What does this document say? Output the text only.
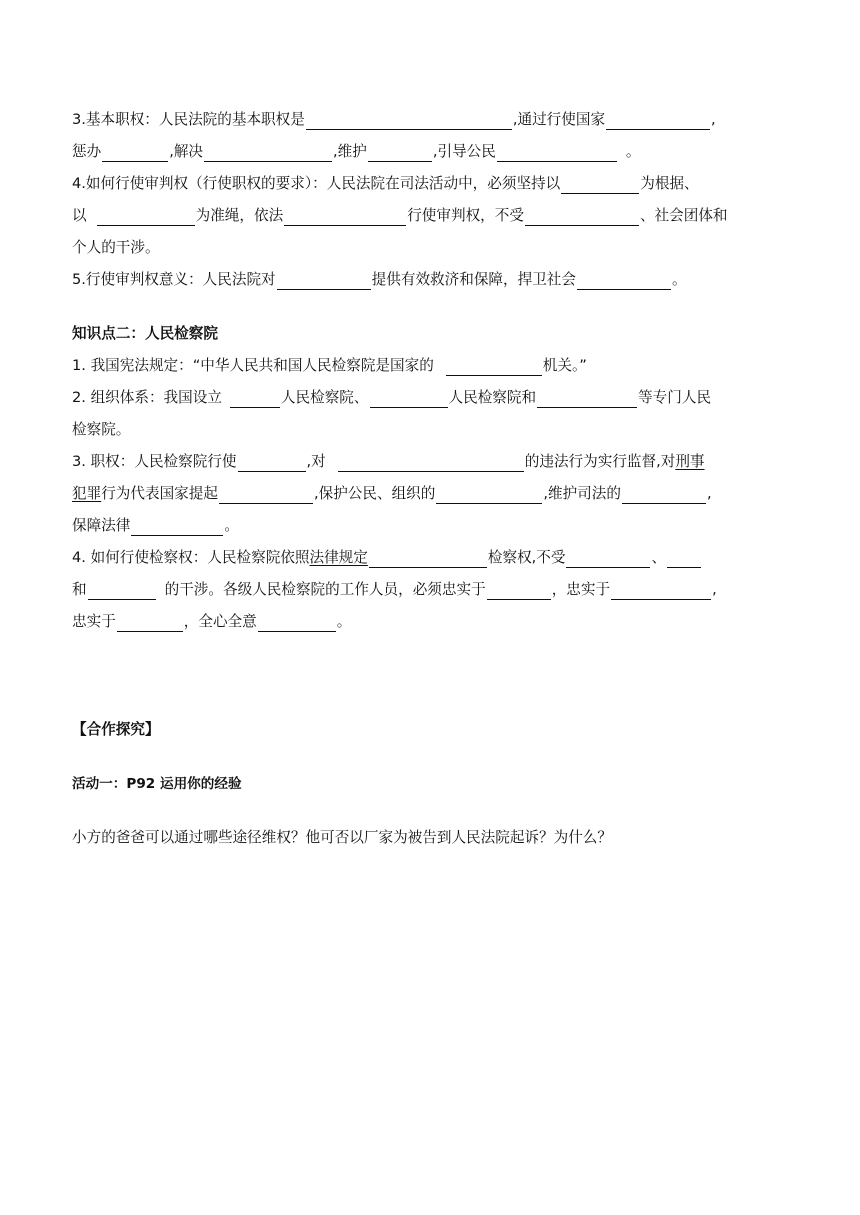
3.基本职权：人民法院的基本职权是	,通过行使国家	,
惩办	,解决	,维护	,引导公民	。
4.如何行使审判权（行使职权的要求）：人民法院在司法活动中，必须坚持以	为根据、
以	为准绳，依法	行使审判权，不受	、社会团体和
个人的干涉。
5.行使审判权意义：人民法院对	提供有效救济和保障，捍卫社会	。
知识点二：人民检察院
1. 我国宪法规定：“中华人民共和国人民检察院是国家的	机关。”
2. 组织体系：我国设立	人民检察院、	人民检察院和	等专门人民
检察院。
3. 职权：人民检察院行使	,对	的违法行为实行监督,对 刑事
犯罪 行为代表国家提起	,保护公民、组织的	,维护司法的	,
保障法律	。
4. 如何行使检察权：人民检察院依照 法律规定	检察权,不受	、
和	的干涉。各级人民检察院的工作人员，必须忠实于	，忠实于	,
忠实于	，全心全意	。
【合作探究】
活动一：P92 运用你的经验
小方的爸爸可以通过哪些途径维权？他可否以厂家为被告到人民法院起诉？为什么？
